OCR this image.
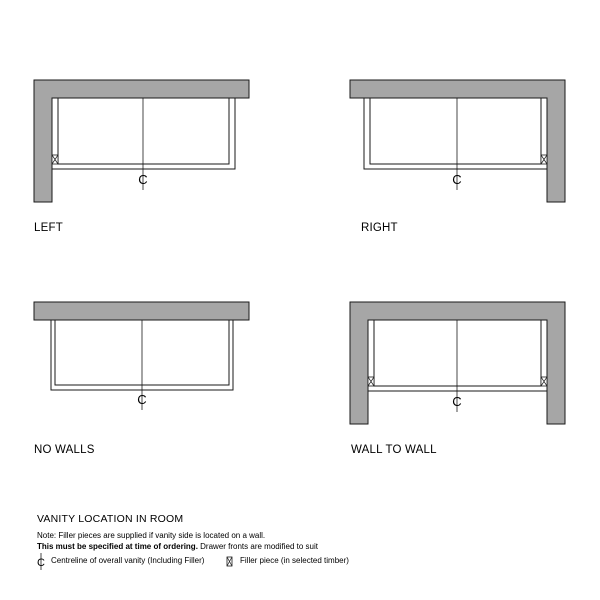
C	C
C	C
C
LEFT	RIGHT
NO WALLS	WALL TO WALL
VANITY LOCATION IN ROOM
Note: Filler pieces are supplied if vanity side is located on a wall.
This must be specified at time of ordering. Drawer fronts are modified to suit
Centreline of overall vanity (Including Filler)	Filler piece (in selected timber)
